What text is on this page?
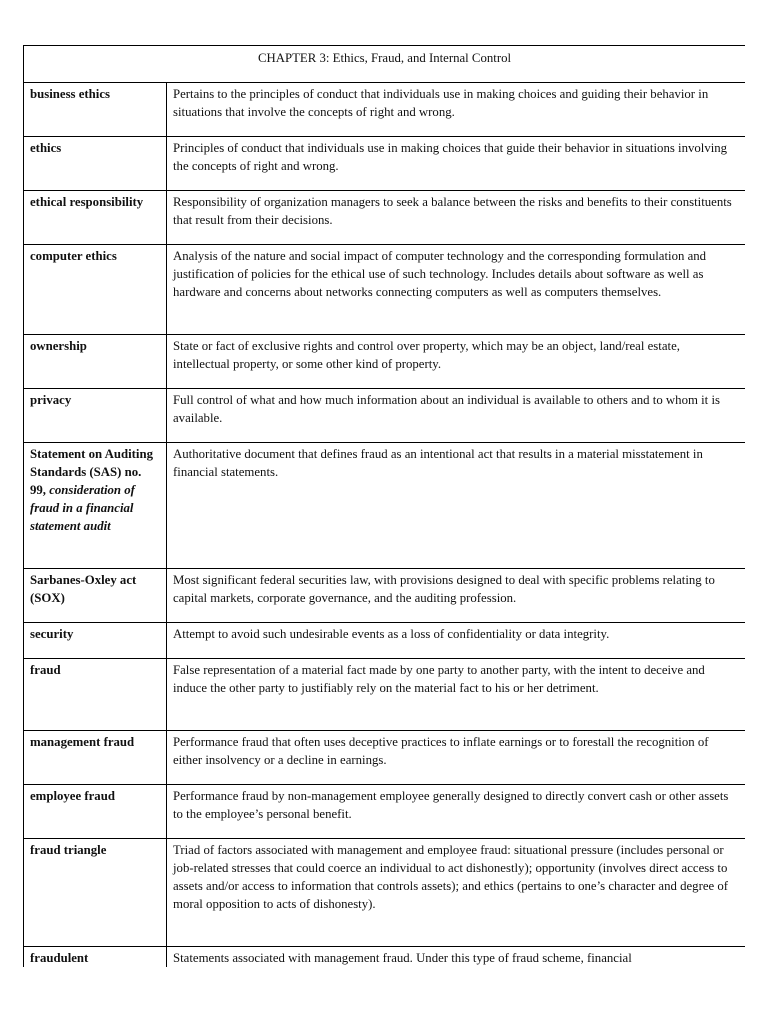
CHAPTER 3: Ethics, Fraud, and Internal Control	
business ethics	Pertains to the principles of conduct that individuals use in making choices and guiding their behavior in situations that involve the concepts of right and wrong.
ethics	Principles of conduct that individuals use in making choices that guide their behavior in situations involving the concepts of right and wrong.
ethical responsibility	Responsibility of organization managers to seek a balance between the risks and benefits to their constituents that result from their decisions.
computer ethics	Analysis of the nature and social impact of computer technology and the corresponding formulation and justification of policies for the ethical use of such technology. Includes details about software as well as hardware and concerns about networks connecting computers as well as computers themselves.
ownership	State or fact of exclusive rights and control over property, which may be an object, land/real estate, intellectual property, or some other kind of property.
privacy	Full control of what and how much information about an individual is available to others and to whom it is available.
Statement on Auditing Standards (SAS) no. 99, consideration of fraud in a financial statement audit	Authoritative document that defines fraud as an intentional act that results in a material misstatement in financial statements.
Sarbanes-Oxley act (SOX)	Most significant federal securities law, with provisions designed to deal with specific problems relating to capital markets, corporate governance, and the auditing profession.
security	Attempt to avoid such undesirable events as a loss of confidentiality or data integrity.
fraud	False representation of a material fact made by one party to another party, with the intent to deceive and induce the other party to justifiably rely on the material fact to his or her detriment.
management fraud	Performance fraud that often uses deceptive practices to inflate earnings or to forestall the recognition of either insolvency or a decline in earnings.
employee fraud	Performance fraud by non-management employee generally designed to directly convert cash or other assets to the employee’s personal benefit.
fraud triangle	Triad of factors associated with management and employee fraud: situational pressure (includes personal or job-related stresses that could coerce an individual to act dishonestly); opportunity (involves direct access to assets and/or access to information that controls assets); and ethics (pertains to one’s character and degree of moral opposition to acts of dishonesty).
fraudulent	Statements associated with management fraud. Under this type of fraud scheme, financial
